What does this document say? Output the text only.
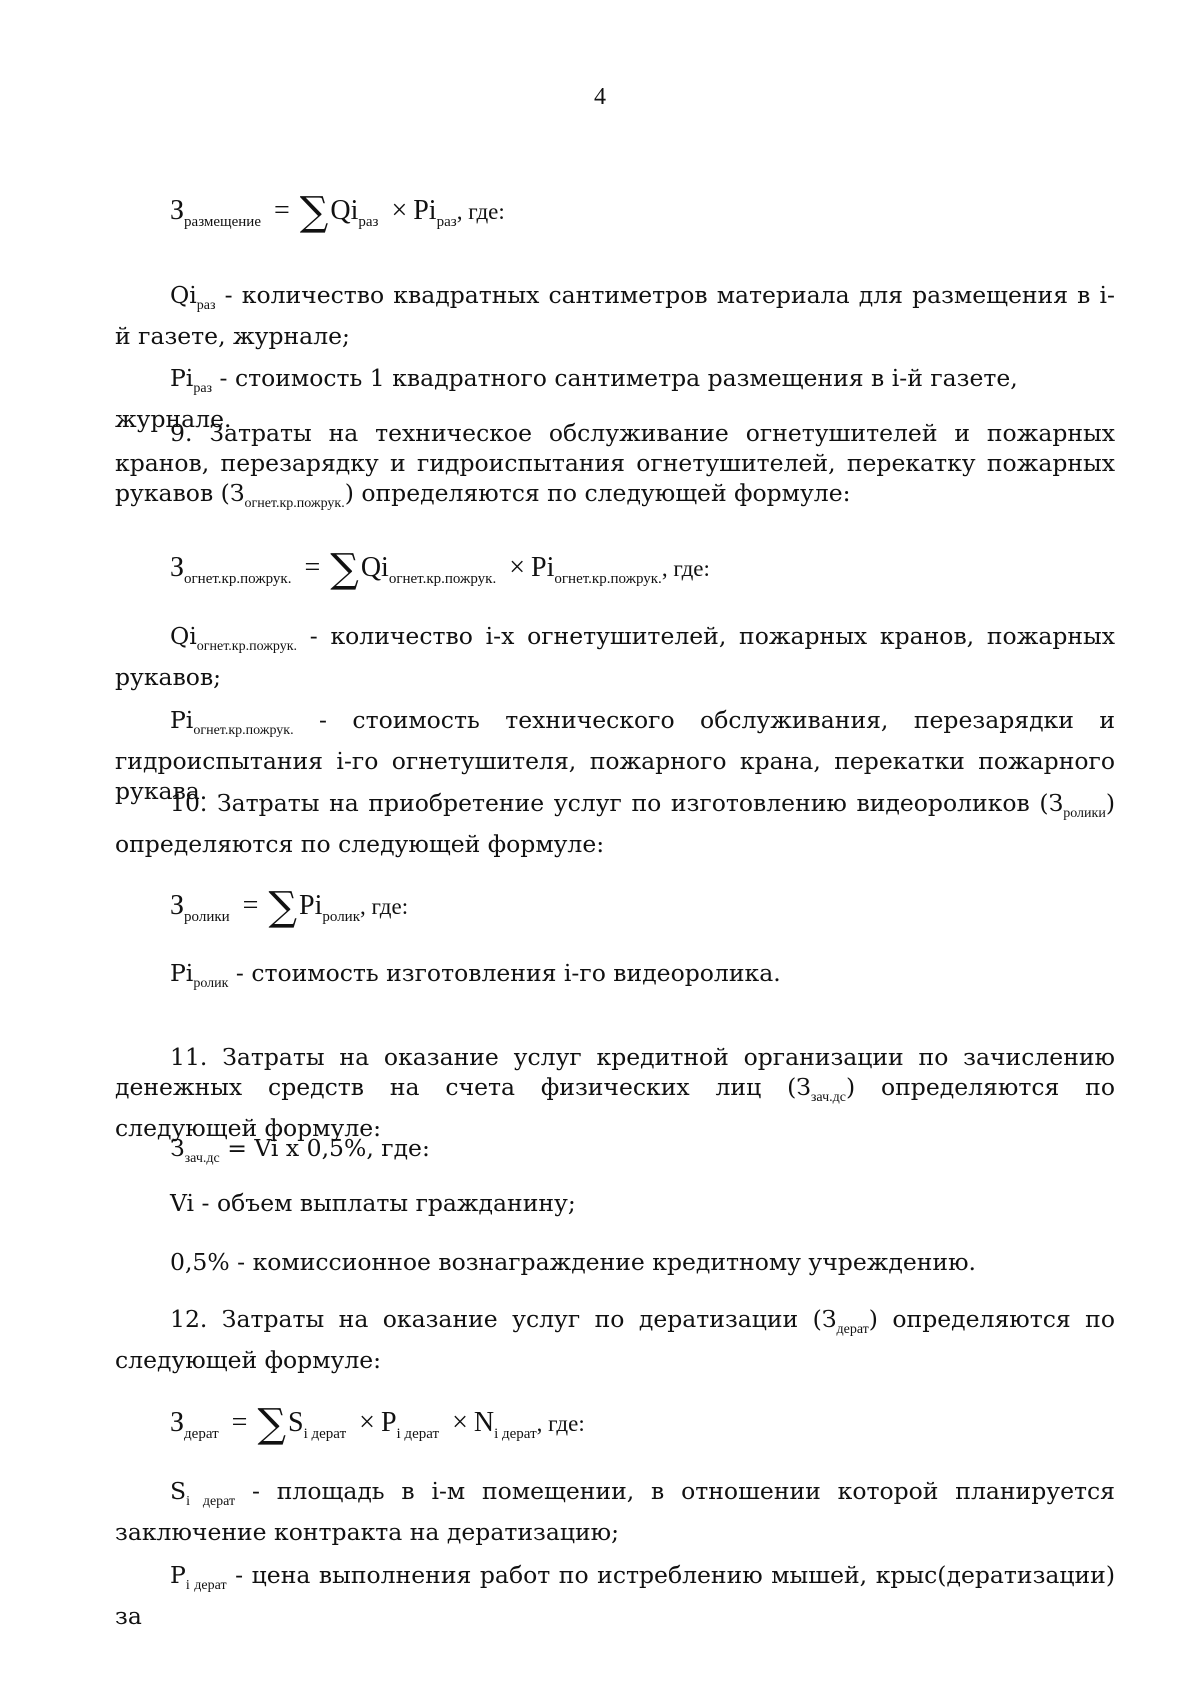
4
$З_{размещение} = \sum Qi_{раз} \times Pi_{раз}$, где:

$Qi_{раз}$ - количество квадратных сантиметров материала для размещения в i-й газете, журнале;

$Pi_{раз}$ - стоимость 1 квадратного сантиметра размещения в i-й газете, журнале.

9. Затраты на техническое обслуживание огнетушителей и пожарных кранов, перезарядку и гидроиспытания огнетушителей, перекатку пожарных рукавов $(З_{огнет.кр.пожрук.})$ определяются по следующей формуле:

$З_{огнет.кр.пожрук.} = \sum Qi_{огнет.кр.пожрук.} \times Pi_{огнет.кр.пожрук.}$, где:

$Qi_{огнет.кр.пожрук.}$ - количество i-х огнетушителей, пожарных кранов, пожарных рукавов;

$Pi_{огнет.кр.пожрук.}$ - стоимость технического обслуживания, перезарядки и гидроиспытания i-го огнетушителя, пожарного крана, перекатки пожарного рукава.

10. Затраты на приобретение услуг по изготовлению видеороликов $(З_{ролики})$ определяются по следующей формуле:

$З_{ролики} = \sum Pi_{ролик}$, где:

$Pi_{ролик}$ - стоимость изготовления i-го видеоролика.

11. Затраты на оказание услуг кредитной организации по зачислению денежных средств на счета физических лиц $(З_{зач.дс})$ определяются по следующей формуле:

$З_{зач.дс} = Vi$ х 0,5%, где:

Vi - объем выплаты гражданину;

0,5% - комиссионное вознаграждение кредитному учреждению.

12. Затраты на оказание услуг по дератизации $(З_{дерат})$ определяются по следующей формуле:

$З_{дерат} = \sum S_{i дерат} \times P_{i дерат} \times N_{i дерат}$, где:

$S_{i дерат}$ - площадь в i-м помещении, в отношении которой планируется заключение контракта на дератизацию;

$P_{i дерат}$ - цена выполнения работ по истреблению мышей, крыс(дератизации) за
